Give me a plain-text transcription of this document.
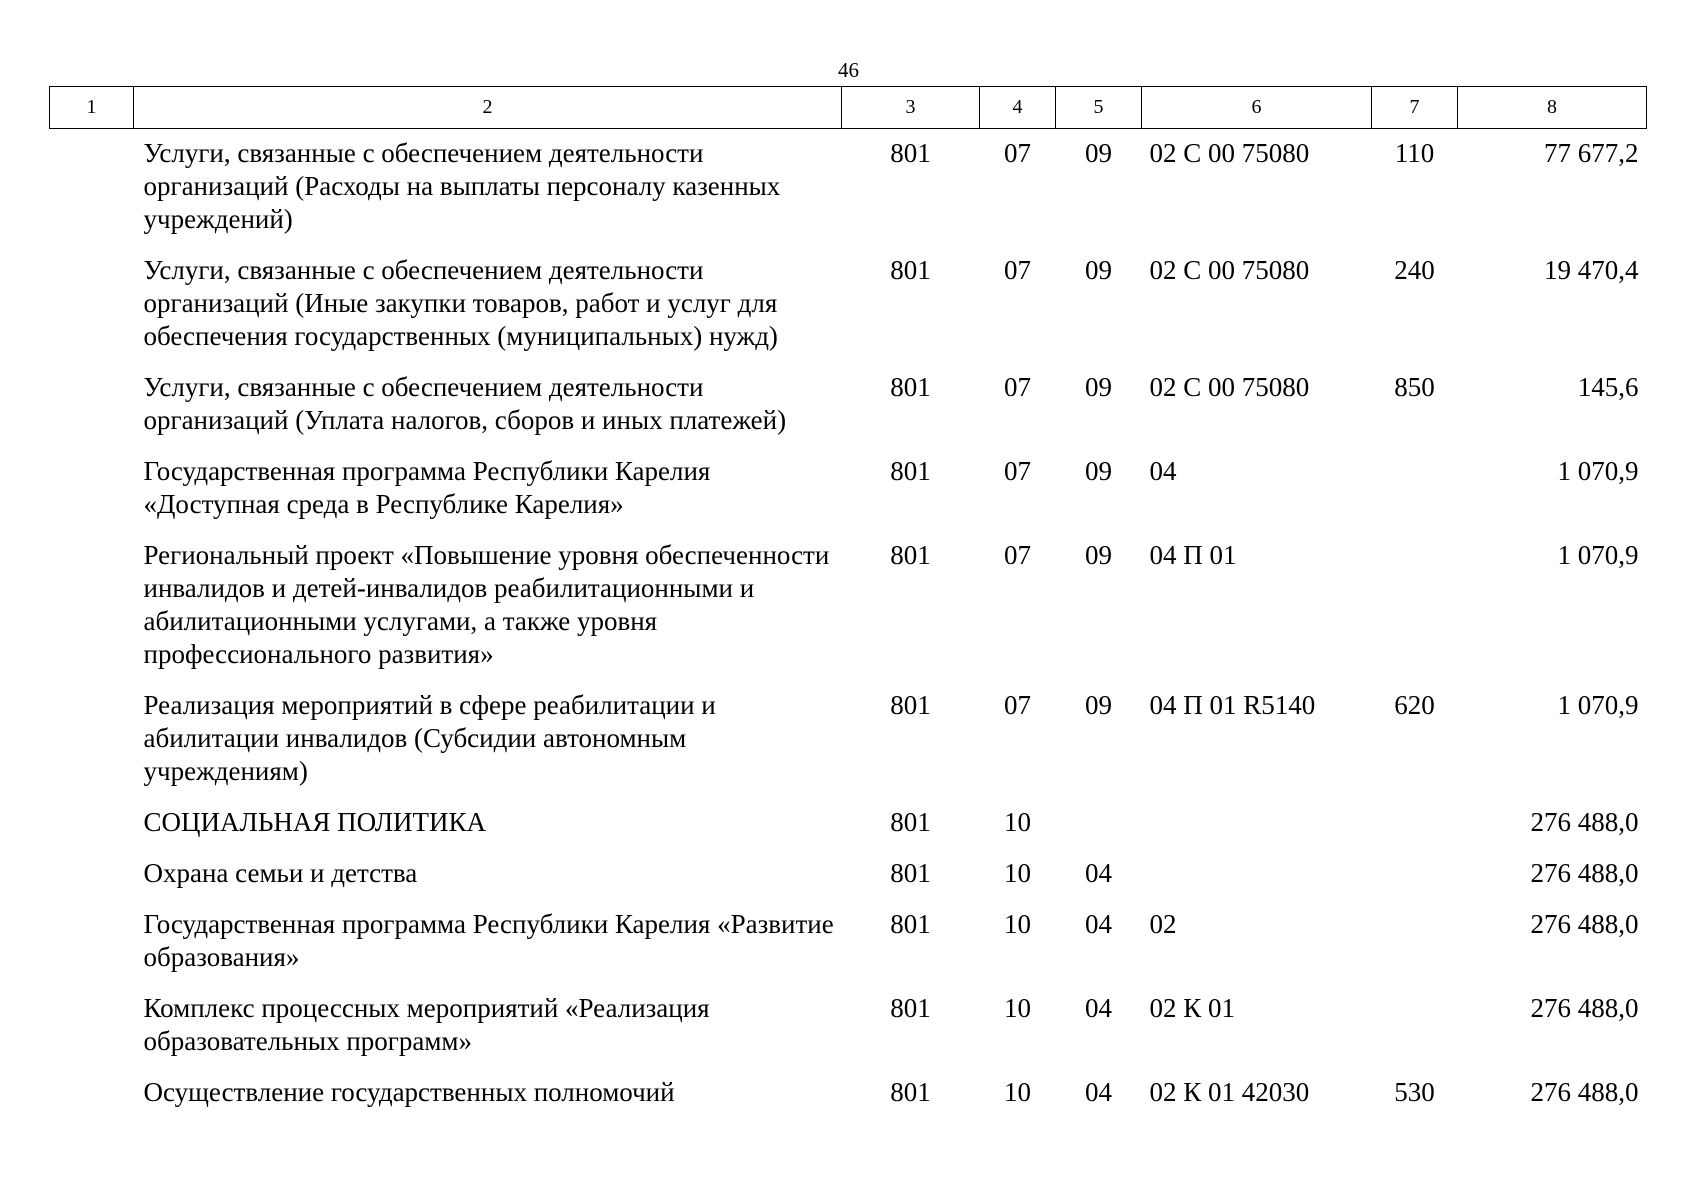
46
1	2	3	4	5	6	7	8
	Услуги, связанные с обеспечением деятельности организаций (Расходы на выплаты персоналу казенных учреждений)	801	07	09	02 С 00 75080	110	77 677,2
	Услуги, связанные с обеспечением деятельности организаций (Иные закупки товаров, работ и услуг для обеспечения государственных (муниципальных) нужд)	801	07	09	02 С 00 75080	240	19 470,4
	Услуги, связанные с обеспечением деятельности организаций (Уплата налогов, сборов и иных платежей)	801	07	09	02 С 00 75080	850	145,6
	Государственная программа Республики Карелия «Доступная среда в Республике Карелия»	801	07	09	04		1 070,9
	Региональный проект «Повышение уровня обеспеченности инвалидов и детей-инвалидов реабилитационными и абилитационными услугами, а также уровня профессионального развития»	801	07	09	04 П 01		1 070,9
	Реализация мероприятий в сфере реабилитации и абилитации инвалидов (Субсидии автономным учреждениям)	801	07	09	04 П 01 R5140	620	1 070,9
	СОЦИАЛЬНАЯ ПОЛИТИКА	801	10				276 488,0
	Охрана семьи и детства	801	10	04			276 488,0
	Государственная программа Республики Карелия «Развитие образования»	801	10	04	02		276 488,0
	Комплекс процессных мероприятий «Реализация образовательных программ»	801	10	04	02 К 01		276 488,0
	Осуществление государственных полномочий	801	10	04	02 К 01 42030	530	276 488,0
